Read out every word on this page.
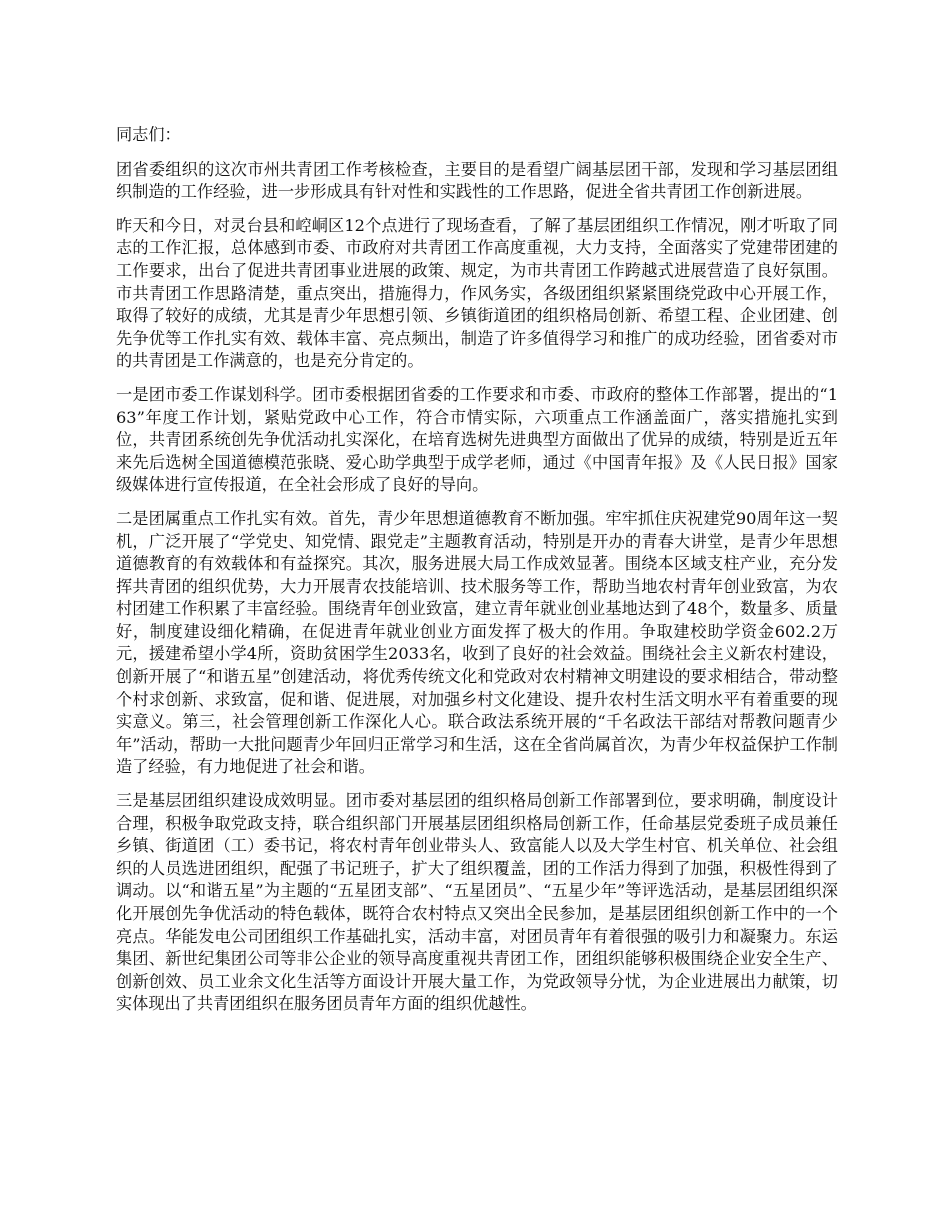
同志们：

团省委组织的这次市州共青团工作考核检查，主要目的是看望广阔基层团干部，发现和学习基层团组织制造的工作经验，进一步形成具有针对性和实践性的工作思路，促进全省共青团工作创新进展。

昨天和今日，对灵台县和崆峒区12个点进行了现场查看，了解了基层团组织工作情况，刚才听取了同志的工作汇报，总体感到市委、市政府对共青团工作高度重视，大力支持，全面落实了党建带团建的工作要求，出台了促进共青团事业进展的政策、规定，为市共青团工作跨越式进展营造了良好氛围。市共青团工作思路清楚，重点突出，措施得力，作风务实，各级团组织紧紧围绕党政中心开展工作，取得了较好的成绩，尤其是青少年思想引领、乡镇街道团的组织格局创新、希望工程、企业团建、创先争优等工作扎实有效、载体丰富、亮点频出，制造了许多值得学习和推广的成功经验，团省委对市的共青团是工作满意的，也是充分肯定的。

一是团市委工作谋划科学。团市委根据团省委的工作要求和市委、市政府的整体工作部署，提出的“163”年度工作计划，紧贴党政中心工作，符合市情实际，六项重点工作涵盖面广，落实措施扎实到位，共青团系统创先争优活动扎实深化，在培育选树先进典型方面做出了优异的成绩，特别是近五年来先后选树全国道德模范张晓、爱心助学典型于成学老师，通过《中国青年报》及《人民日报》国家级媒体进行宣传报道，在全社会形成了良好的导向。

二是团属重点工作扎实有效。首先，青少年思想道德教育不断加强。牢牢抓住庆祝建党90周年这一契机，广泛开展了“学党史、知党情、跟党走”主题教育活动，特别是开办的青春大讲堂，是青少年思想道德教育的有效载体和有益探究。其次，服务进展大局工作成效显著。围绕本区域支柱产业，充分发挥共青团的组织优势，大力开展青农技能培训、技术服务等工作，帮助当地农村青年创业致富，为农村团建工作积累了丰富经验。围绕青年创业致富，建立青年就业创业基地达到了48个，数量多、质量好，制度建设细化精确，在促进青年就业创业方面发挥了极大的作用。争取建校助学资金602.2万元，援建希望小学4所，资助贫困学生2033名，收到了良好的社会效益。围绕社会主义新农村建设，创新开展了“和谐五星”创建活动，将优秀传统文化和党政对农村精神文明建设的要求相结合，带动整个村求创新、求致富，促和谐、促进展，对加强乡村文化建设、提升农村生活文明水平有着重要的现实意义。第三，社会管理创新工作深化人心。联合政法系统开展的“千名政法干部结对帮教问题青少年”活动，帮助一大批问题青少年回归正常学习和生活，这在全省尚属首次，为青少年权益保护工作制造了经验，有力地促进了社会和谐。

三是基层团组织建设成效明显。团市委对基层团的组织格局创新工作部署到位，要求明确，制度设计合理，积极争取党政支持，联合组织部门开展基层团组织格局创新工作，任命基层党委班子成员兼任乡镇、街道团（工）委书记，将农村青年创业带头人、致富能人以及大学生村官、机关单位、社会组织的人员选进团组织，配强了书记班子，扩大了组织覆盖，团的工作活力得到了加强，积极性得到了调动。以“和谐五星”为主题的“五星团支部”、“五星团员”、“五星少年”等评选活动，是基层团组织深化开展创先争优活动的特色载体，既符合农村特点又突出全民参加，是基层团组织创新工作中的一个亮点。华能发电公司团组织工作基础扎实，活动丰富，对团员青年有着很强的吸引力和凝聚力。东运集团、新世纪集团公司等非公企业的领导高度重视共青团工作，团组织能够积极围绕企业安全生产、创新创效、员工业余文化生活等方面设计开展大量工作，为党政领导分忧，为企业进展出力献策，切实体现出了共青团组织在服务团员青年方面的组织优越性。
